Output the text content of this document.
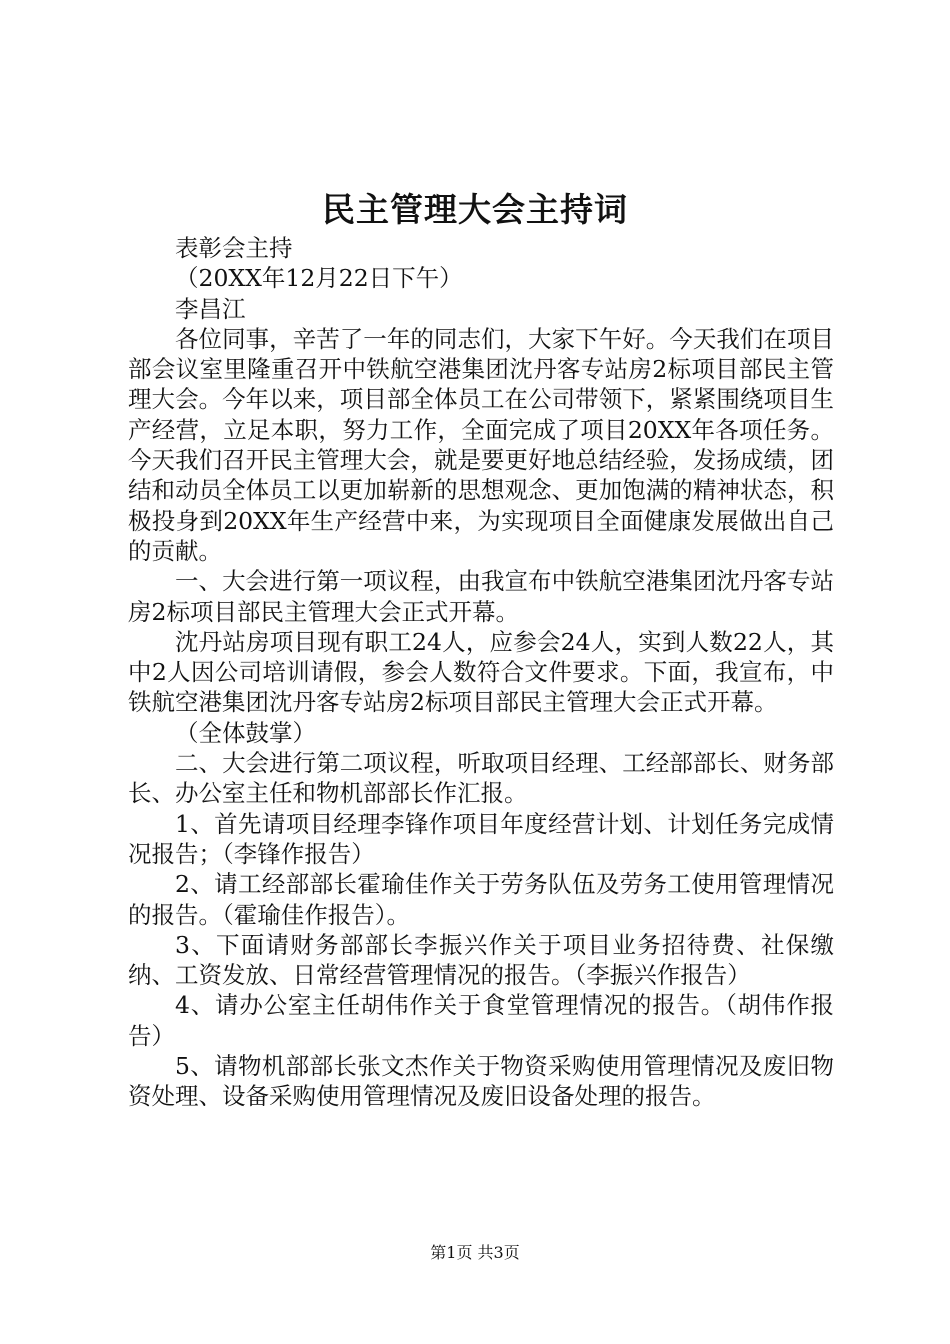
民主管理大会主持词

表彰会主持

（20XX年12月22日下午）

李昌江

各位同事，辛苦了一年的同志们，大家下午好。今天我们在项目部会议室里隆重召开中铁航空港集团沈丹客专站房2标项目部民主管理大会。今年以来，项目部全体员工在公司带领下，紧紧围绕项目生产经营，立足本职，努力工作，全面完成了项目20XX年各项任务。今天我们召开民主管理大会，就是要更好地总结经验，发扬成绩，团结和动员全体员工以更加崭新的思想观念、更加饱满的精神状态，积极投身到20XX年生产经营中来，为实现项目全面健康发展做出自己的贡献。

一、大会进行第一项议程，由我宣布中铁航空港集团沈丹客专站房2标项目部民主管理大会正式开幕。

沈丹站房项目现有职工24人，应参会24人，实到人数22人，其中2人因公司培训请假，参会人数符合文件要求。下面，我宣布，中铁航空港集团沈丹客专站房2标项目部民主管理大会正式开幕。

（全体鼓掌）

二、大会进行第二项议程，听取项目经理、工经部部长、财务部长、办公室主任和物机部部长作汇报。

1、首先请项目经理李锋作项目年度经营计划、计划任务完成情况报告；（李锋作报告）

2、请工经部部长霍瑜佳作关于劳务队伍及劳务工使用管理情况的报告。（霍瑜佳作报告）。

3、下面请财务部部长李振兴作关于项目业务招待费、社保缴纳、工资发放、日常经营管理情况的报告。（李振兴作报告）

4、请办公室主任胡伟作关于食堂管理情况的报告。（胡伟作报告）

5、请物机部部长张文杰作关于物资采购使用管理情况及废旧物资处理、设备采购使用管理情况及废旧设备处理的报告。

第1页 共3页
